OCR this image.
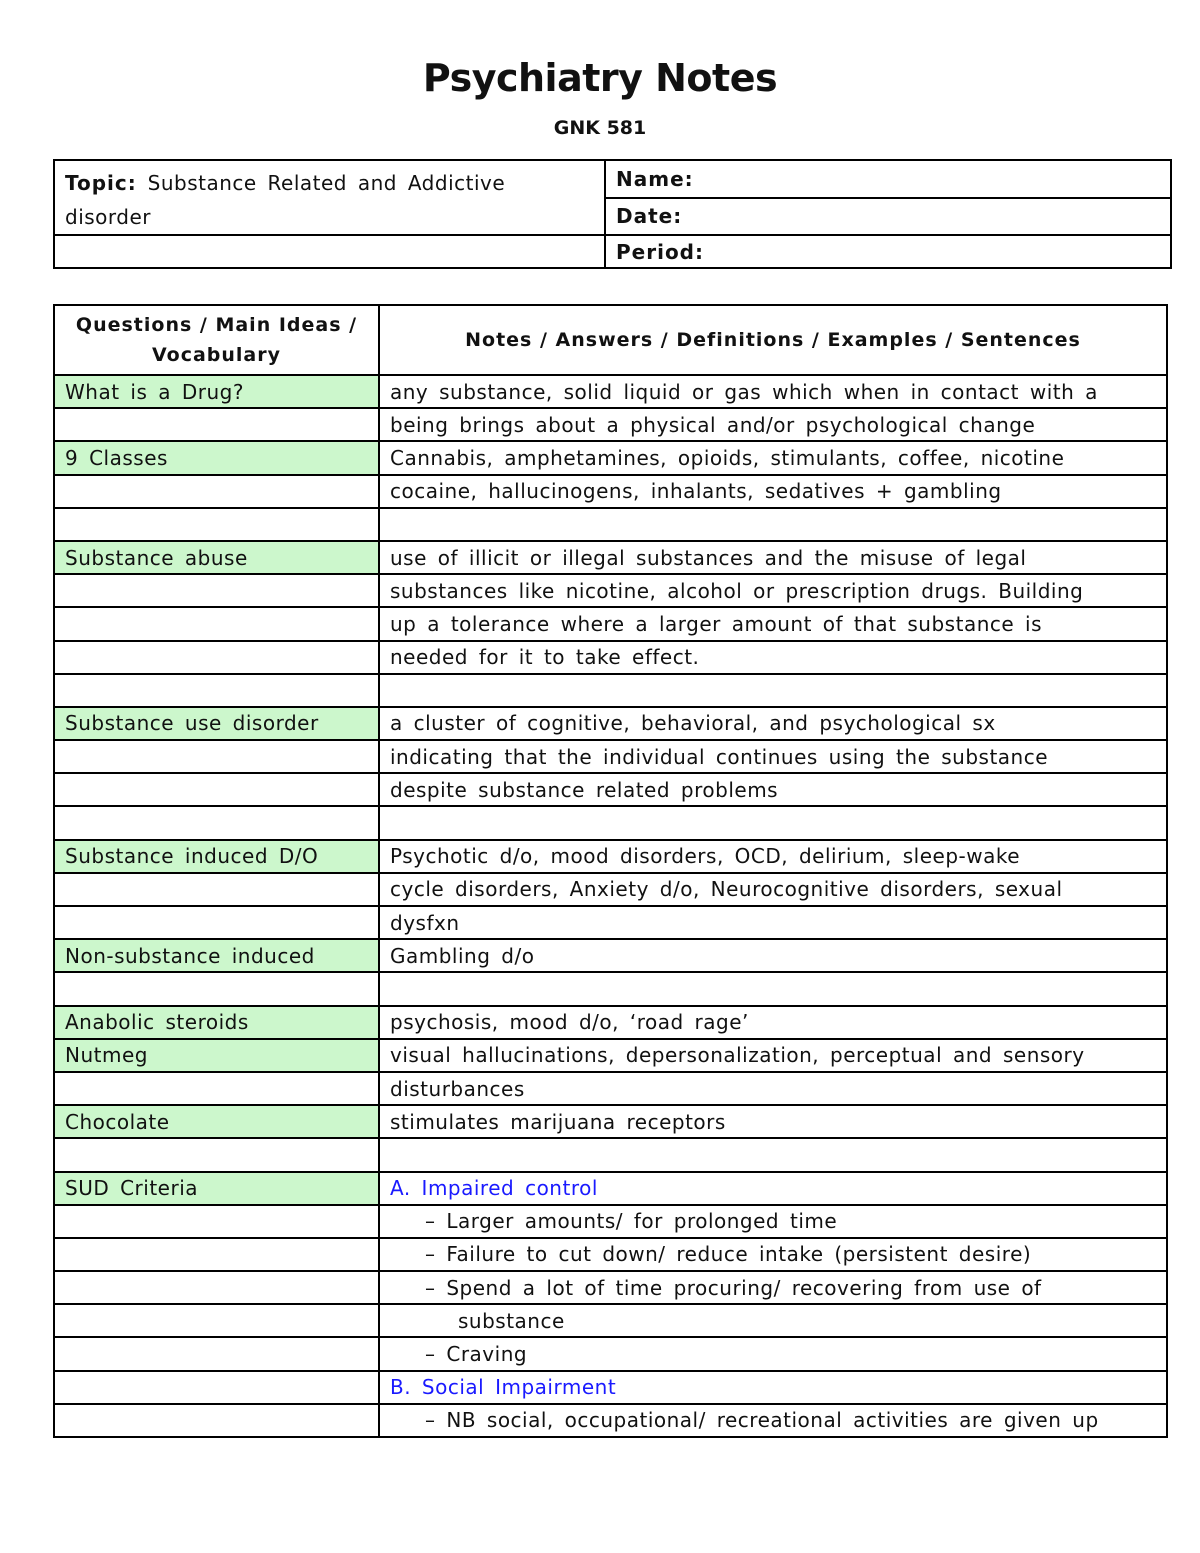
Psychiatry Notes
GNK 581
Topic: Substance Related and Addictive disorder	Name:
	Date:
	Period:
Questions / Main Ideas / Vocabulary	Notes / Answers / Definitions / Examples / Sentences
What is a Drug?	any substance, solid liquid or gas which when in contact with a
	being brings about a physical and/or psychological change
9 Classes	Cannabis, amphetamines, opioids, stimulants, coffee, nicotine
	cocaine, hallucinogens, inhalants, sedatives + gambling

Substance abuse	use of illicit or illegal substances and the misuse of legal
	substances like nicotine, alcohol or prescription drugs. Building
	up a tolerance where a larger amount of that substance is
	needed for it to take effect.

Substance use disorder	a cluster of cognitive, behavioral, and psychological sx
	indicating that the individual continues using the substance
	despite substance related problems

Substance induced D/O	Psychotic d/o, mood disorders, OCD, delirium, sleep-wake
	cycle disorders, Anxiety d/o, Neurocognitive disorders, sexual
	dysfxn
Non-substance induced	Gambling d/o

Anabolic steroids	psychosis, mood d/o, ‘road rage’
Nutmeg	visual hallucinations, depersonalization, perceptual and sensory
	disturbances
Chocolate	stimulates marijuana receptors

SUD Criteria	A. Impaired control
	– Larger amounts/ for prolonged time
	– Failure to cut down/ reduce intake (persistent desire)
	– Spend a lot of time procuring/ recovering from use of
	substance
	– Craving
	B. Social Impairment
	– NB social, occupational/ recreational activities are given up
